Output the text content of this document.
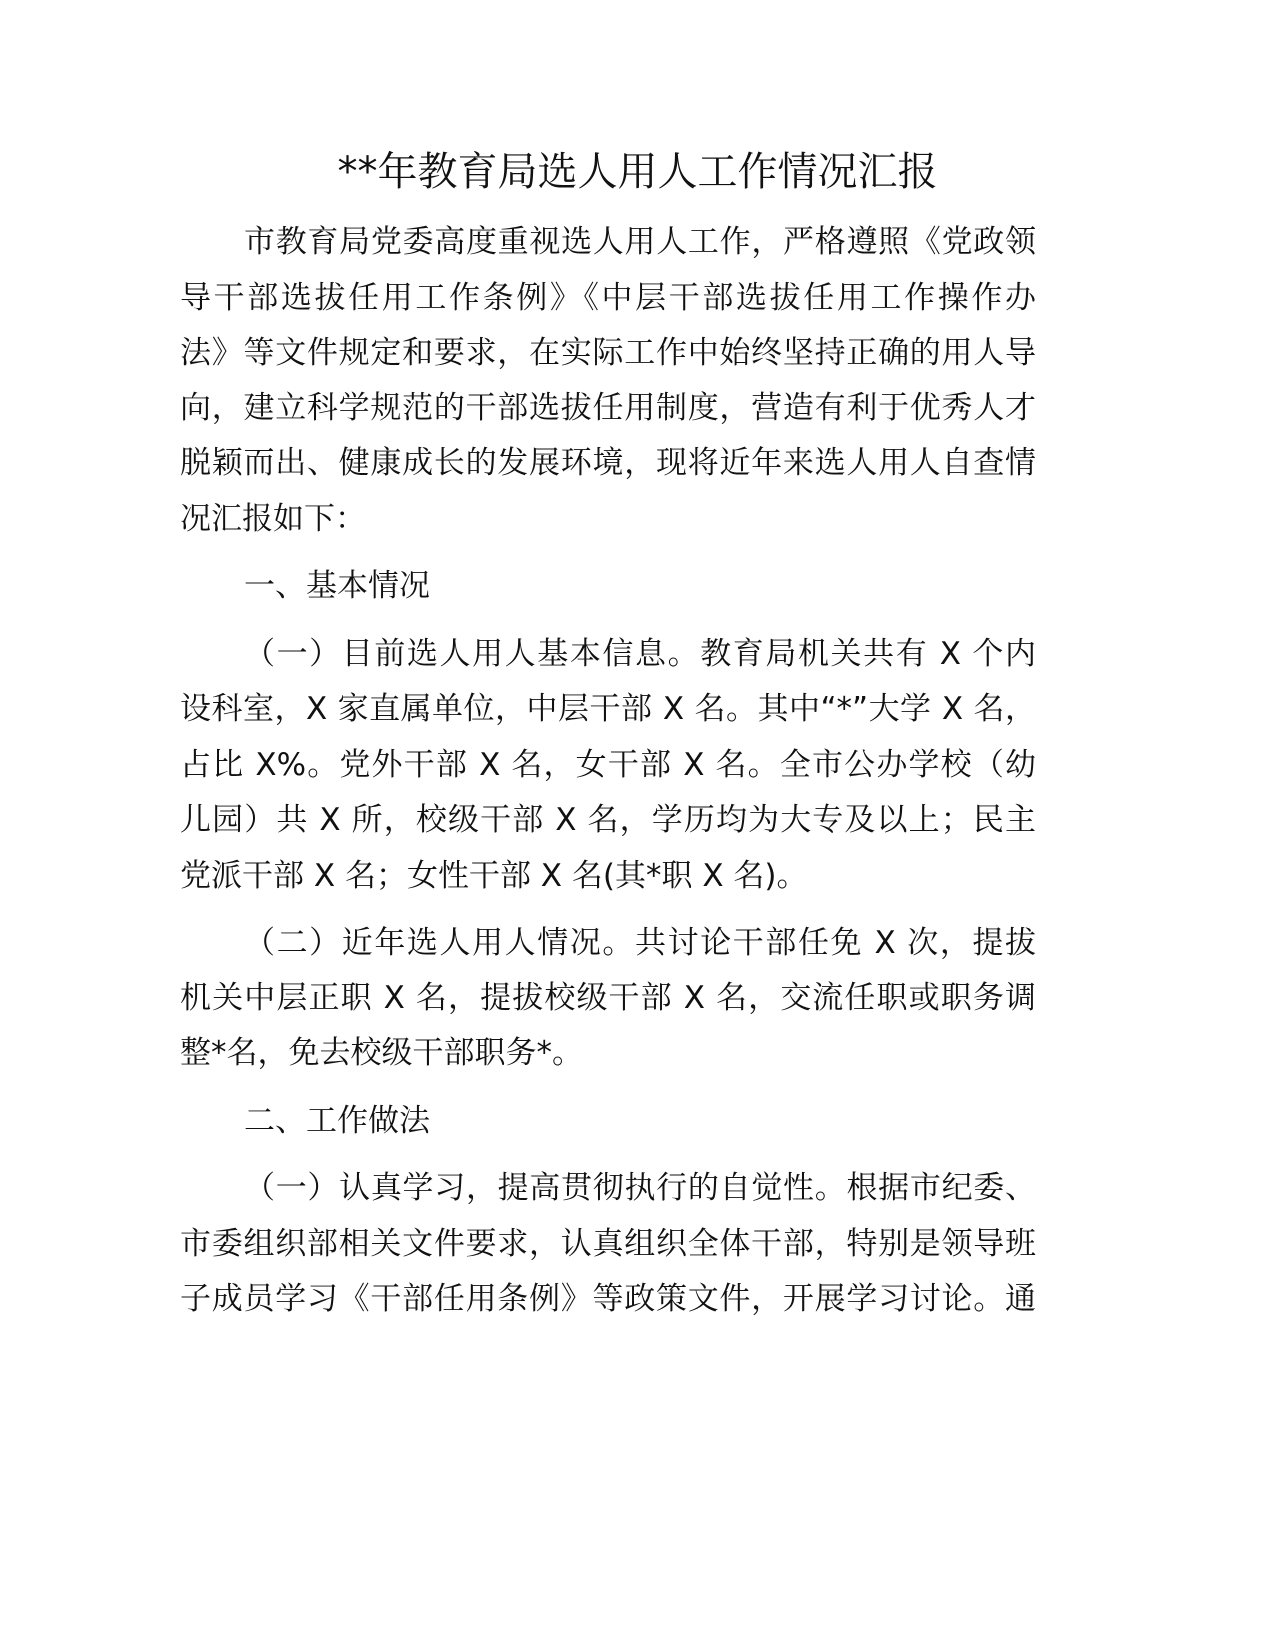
**年教育局选人用人工作情况汇报
市教育局党委高度重视选人用人工作，严格遵照《党政领
导干部选拔任用工作条例》《中层干部选拔任用工作操作办
法》等文件规定和要求，在实际工作中始终坚持正确的用人导
向，建立科学规范的干部选拔任用制度，营造有利于优秀人才
脱颖而出、健康成长的发展环境，现将近年来选人用人自查情
况汇报如下：
一、基本情况
（一）目前选人用人基本信息。教育局机关共有 X 个内
设科室，X 家直属单位，中层干部 X 名。其中“*”大学 X 名，
占比 X%。党外干部 X 名，女干部 X 名。全市公办学校（幼
儿园）共 X 所，校级干部 X 名，学历均为大专及以上；民主
党派干部 X 名；女性干部 X 名(其*职 X 名)。
（二）近年选人用人情况。共讨论干部任免 X 次，提拔
机关中层正职 X 名，提拔校级干部 X 名，交流任职或职务调
整*名，免去校级干部职务*。
二、工作做法
（一）认真学习，提高贯彻执行的自觉性。根据市纪委、
市委组织部相关文件要求，认真组织全体干部，特别是领导班
子成员学习《干部任用条例》等政策文件，开展学习讨论。通
